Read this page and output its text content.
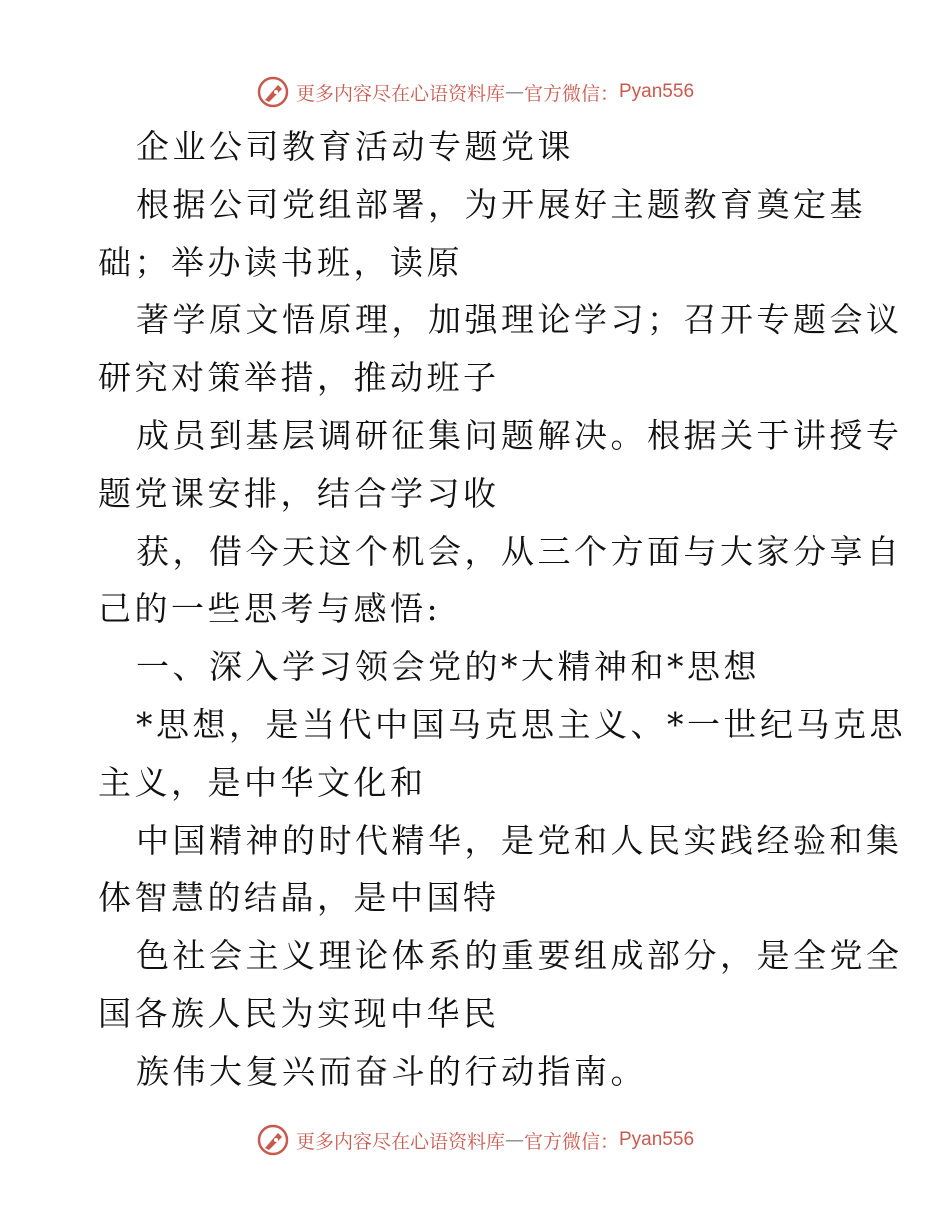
更多内容尽在心语资料库 — 官方微信： Pyan556
企业公司教育活动专题党课
根据公司党组部署，为开展好主题教育奠定基
础；举办读书班，读原
著学原文悟原理，加强理论学习；召开专题会议
研究对策举措，推动班子
成员到基层调研征集问题解决。根据关于讲授专
题党课安排，结合学习收
获，借今天这个机会，从三个方面与大家分享自
己的一些思考与感悟:
一、深入学习领会党的*大精神和*思想
*思想，是当代中国马克思主义、*一世纪马克思
主义，是中华文化和
中国精神的时代精华，是党和人民实践经验和集
体智慧的结晶，是中国特
色社会主义理论体系的重要组成部分，是全党全
国各族人民为实现中华民
族伟大复兴而奋斗的行动指南。
更多内容尽在心语资料库 — 官方微信： Pyan556
